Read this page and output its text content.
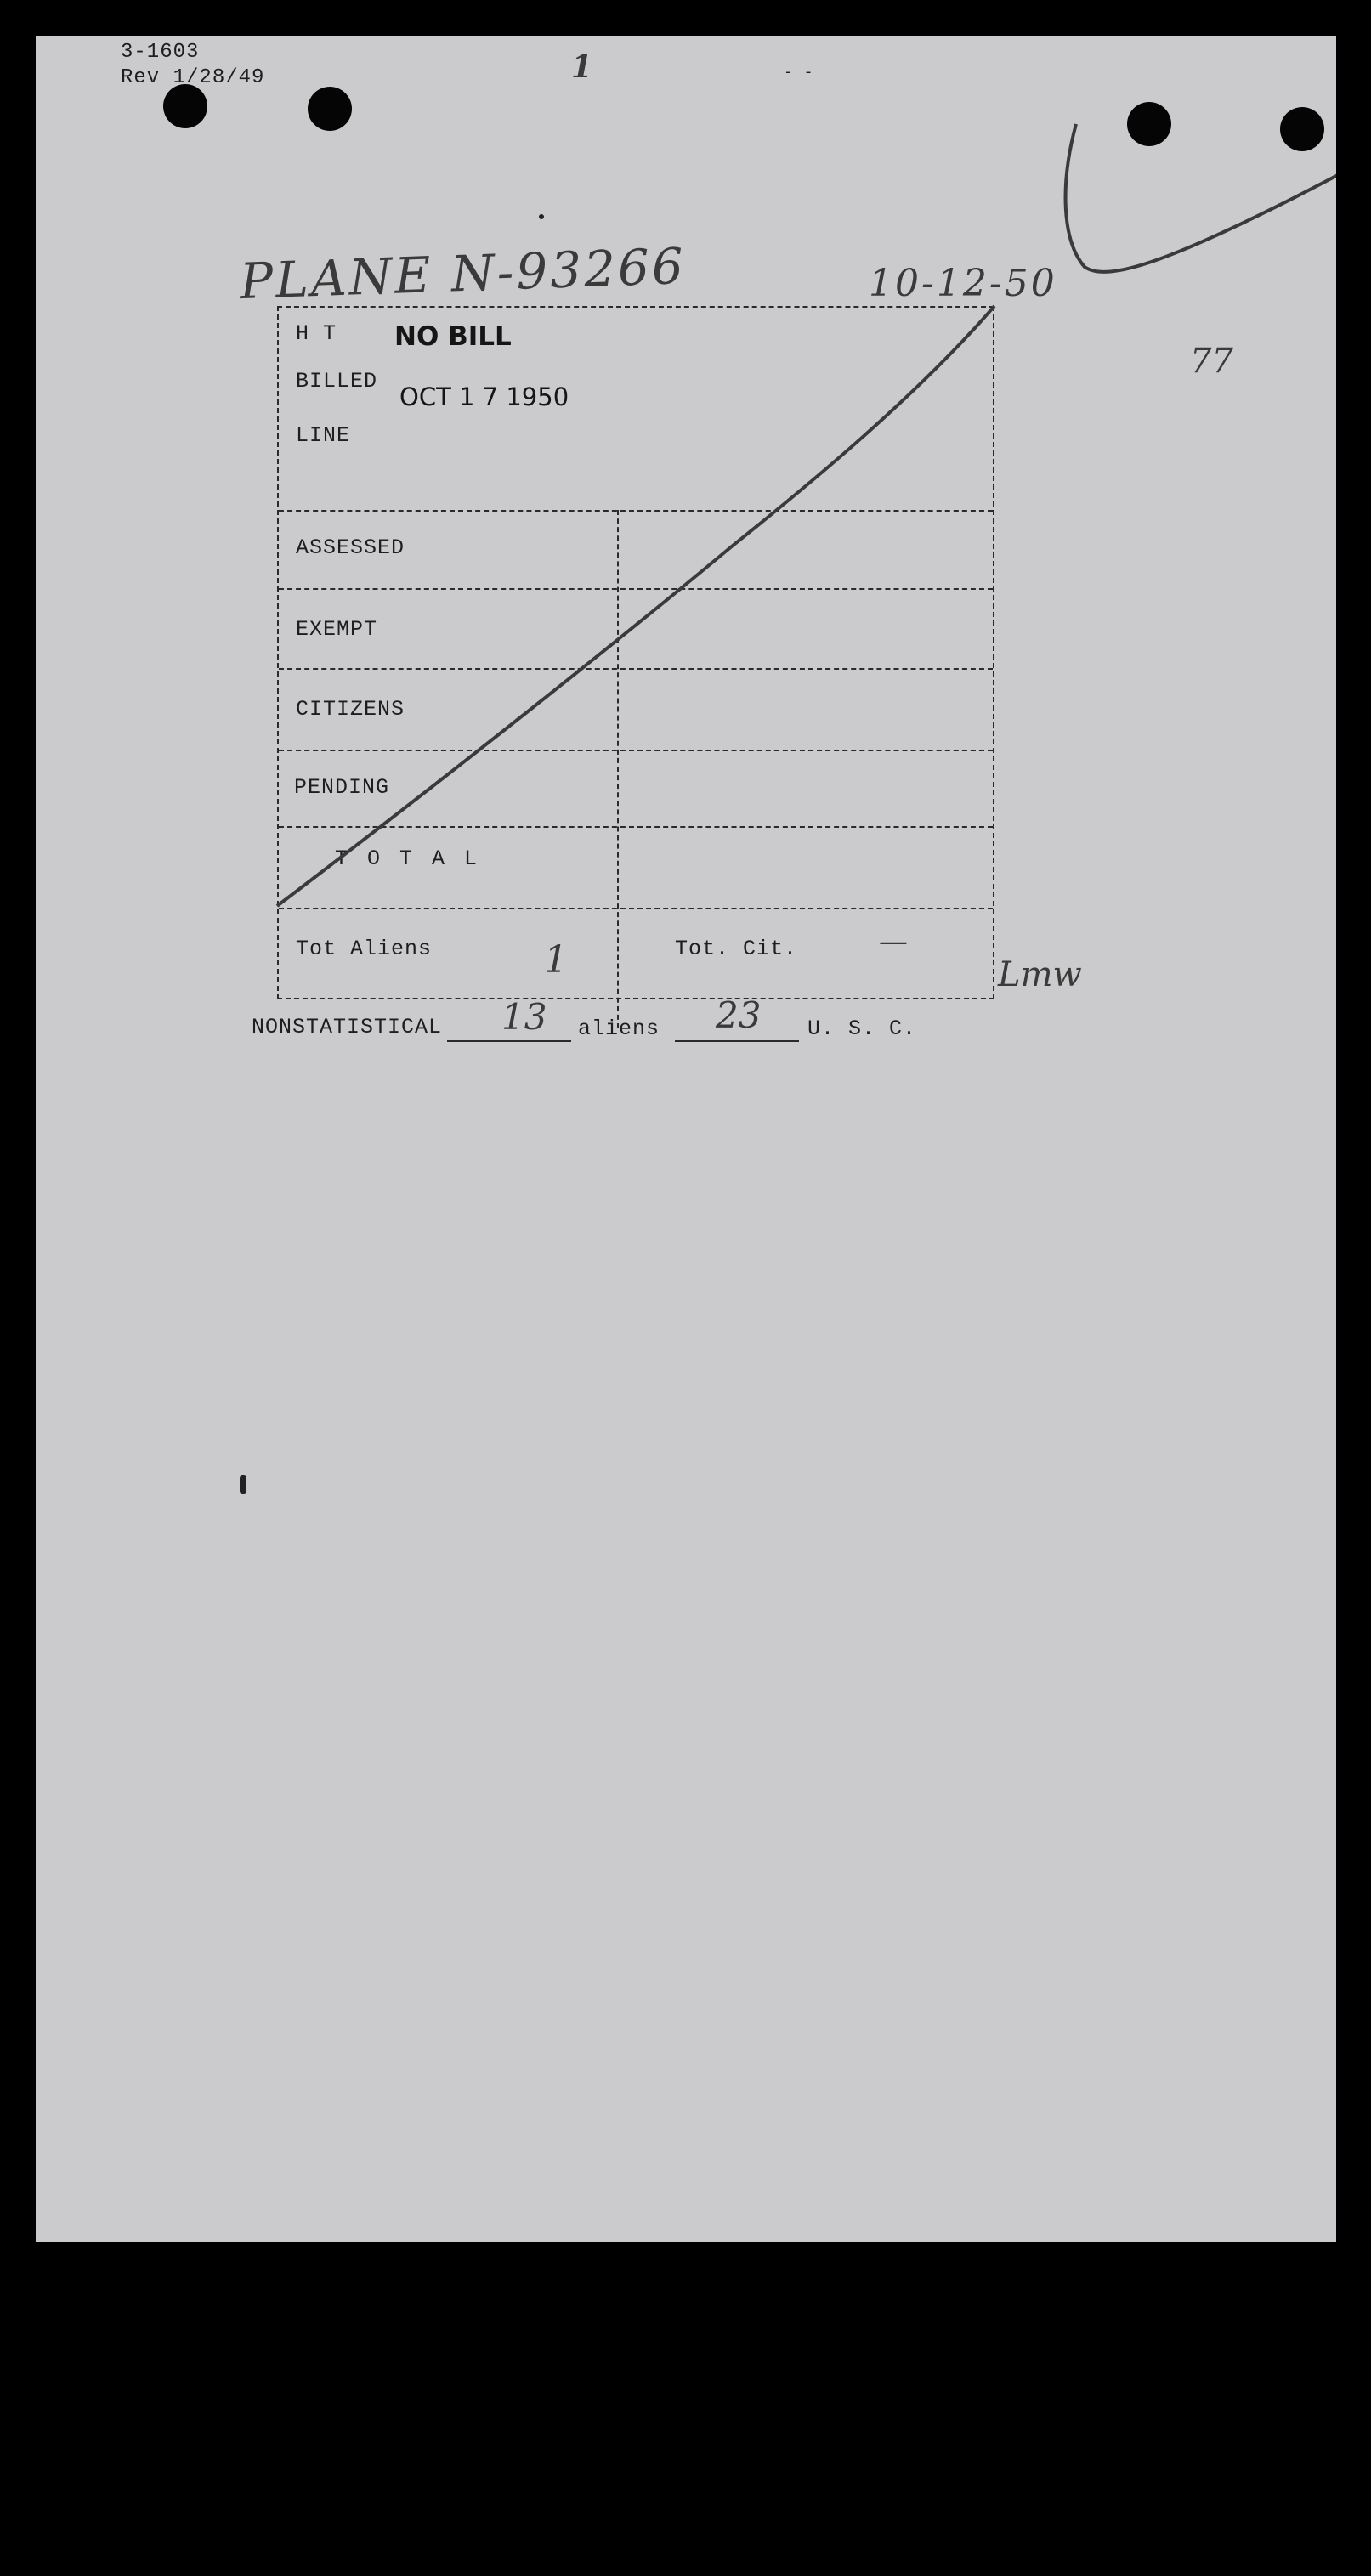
3-1603
Rev 1/28/49	1	- -
PLANE N-93266	10-12-50
77
H T NO BILL
BILLED
OCT 1 7 1950
LINE
ASSESSED
EXEMPT
CITIZENS
PENDING
T O T A L
Tot Aliens	1	Tot. Cit.	—
Lmw
NONSTATISTICAL 13 aliens 23 U. S. C.
